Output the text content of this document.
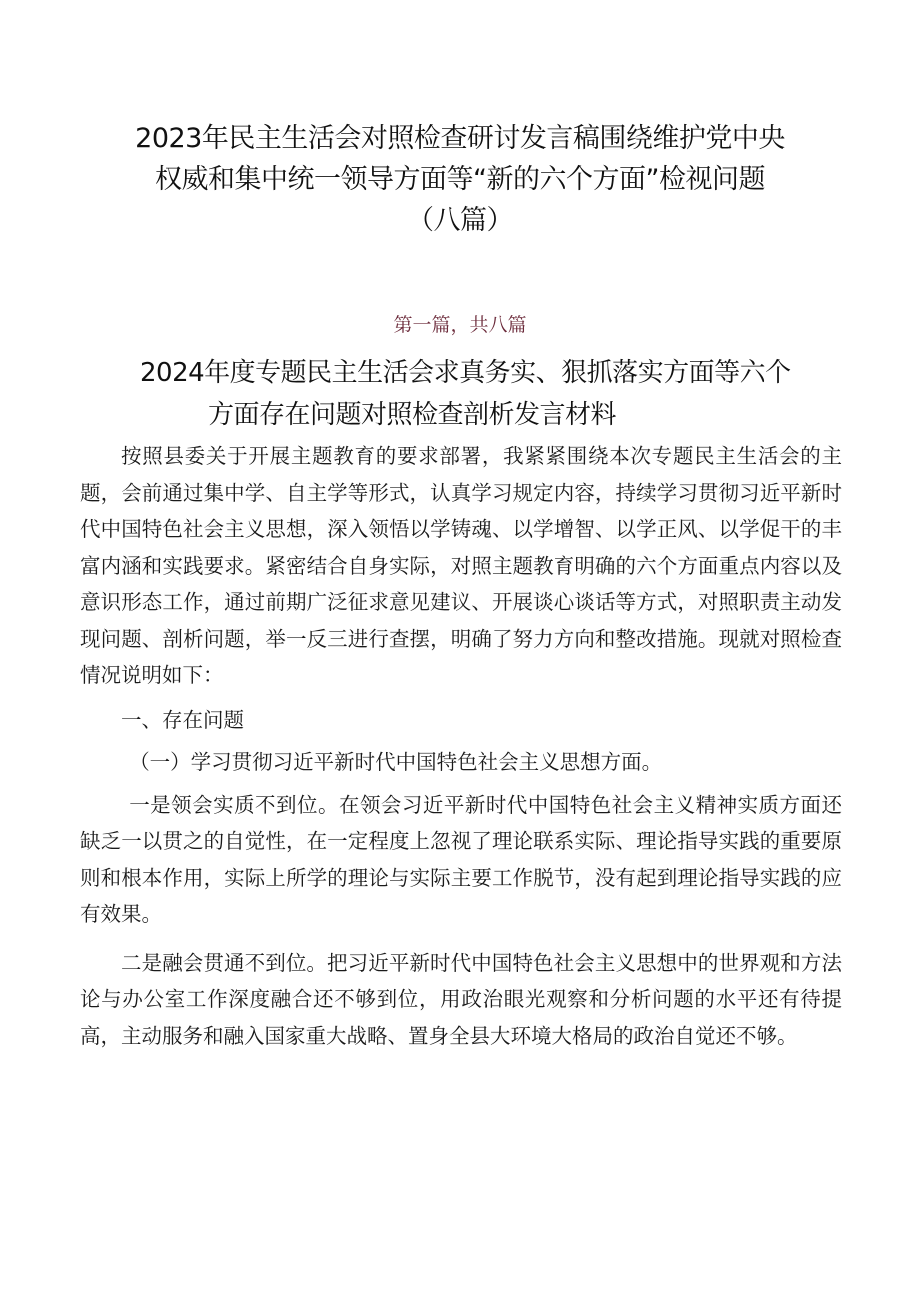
2023年民主生活会对照检查研讨发言稿围绕维护党中央
权威和集中统一领导方面等“新的六个方面”检视问题
（八篇）
第一篇，共八篇
2024年度专题民主生活会求真务实、狠抓落实方面等六个
方面存在问题对照检查剖析发言材料

按照县委关于开展主题教育的要求部署，我紧紧围绕本次专题民主生活会的主题，会前通过集中学、自主学等形式，认真学习规定内容，持续学习贯彻习近平新时代中国特色社会主义思想，深入领悟以学铸魂、以学增智、以学正风、以学促干的丰富内涵和实践要求。紧密结合自身实际，对照主题教育明确的六个方面重点内容以及意识形态工作，通过前期广泛征求意见建议、开展谈心谈话等方式，对照职责主动发现问题、剖析问题，举一反三进行查摆，明确了努力方向和整改措施。现就对照检查情况说明如下：

一、存在问题

（一）学习贯彻习近平新时代中国特色社会主义思想方面。

一是领会实质不到位。在领会习近平新时代中国特色社会主义精神实质方面还缺乏一以贯之的自觉性，在一定程度上忽视了理论联系实际、理论指导实践的重要原则和根本作用，实际上所学的理论与实际主要工作脱节，没有起到理论指导实践的应有效果。

二是融会贯通不到位。把习近平新时代中国特色社会主义思想中的世界观和方法论与办公室工作深度融合还不够到位，用政治眼光观察和分析问题的水平还有待提高，主动服务和融入国家重大战略、置身全县大环境大格局的政治自觉还不够。
